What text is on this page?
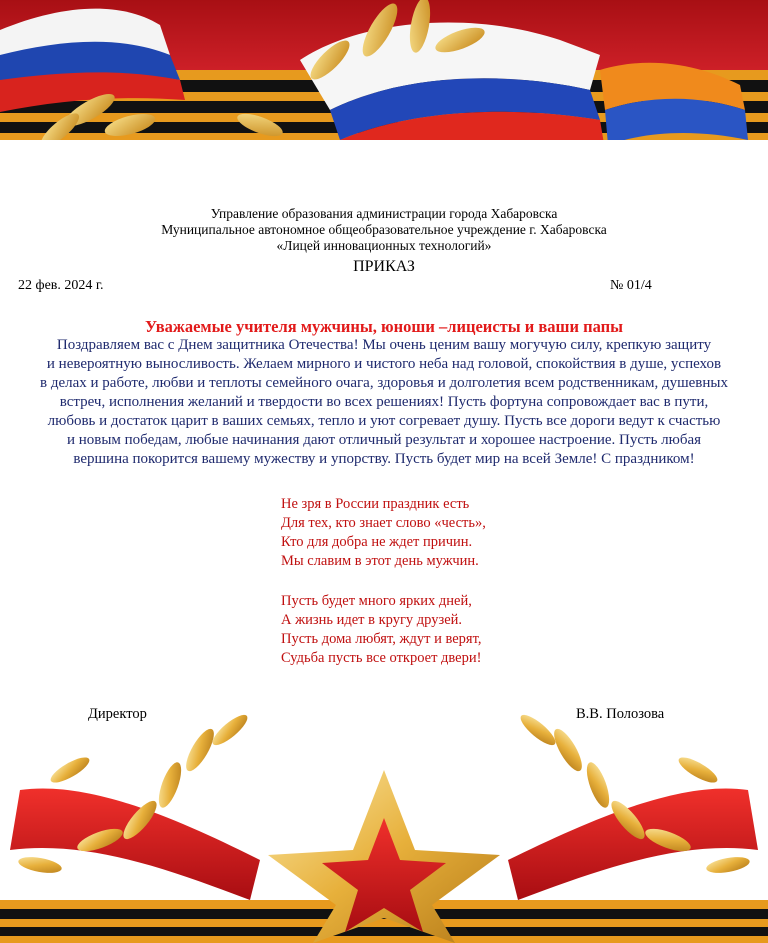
Управление образования администрации города Хабаровска
Муниципальное автономное общеобразовательное учреждение г. Хабаровска
«Лицей инновационных технологий»
ПРИКАЗ
22 фев. 2024 г.	№ 01/4
Уважаемые учителя мужчины, юноши –лицеисты и ваши папы
Поздравляем вас с Днем защитника Отечества! Мы очень ценим вашу могучую силу, крепкую защиту
и невероятную выносливость. Желаем мирного и чистого неба над головой, спокойствия в душе, успехов
в делах и работе, любви и теплоты семейного очага, здоровья и долголетия всем родственникам, душевных
встреч, исполнения желаний и твердости во всех решениях! Пусть фортуна сопровождает вас в пути,
любовь и достаток царит в ваших семьях, тепло и уют согревает душу. Пусть все дороги ведут к счастью
и новым победам, любые начинания дают отличный результат и хорошее настроение. Пусть любая
вершина покорится вашему мужеству и упорству. Пусть будет мир на всей Земле! С праздником!
Не зря в России праздник есть
Для тех, кто знает слово «честь»,
Кто для добра не ждет причин.
Мы славим в этот день мужчин.
Пусть будет много ярких дней,
А жизнь идет в кругу друзей.
Пусть дома любят, ждут и верят,
Судьба пусть все откроет двери!
Директор	В.В. Полозова
